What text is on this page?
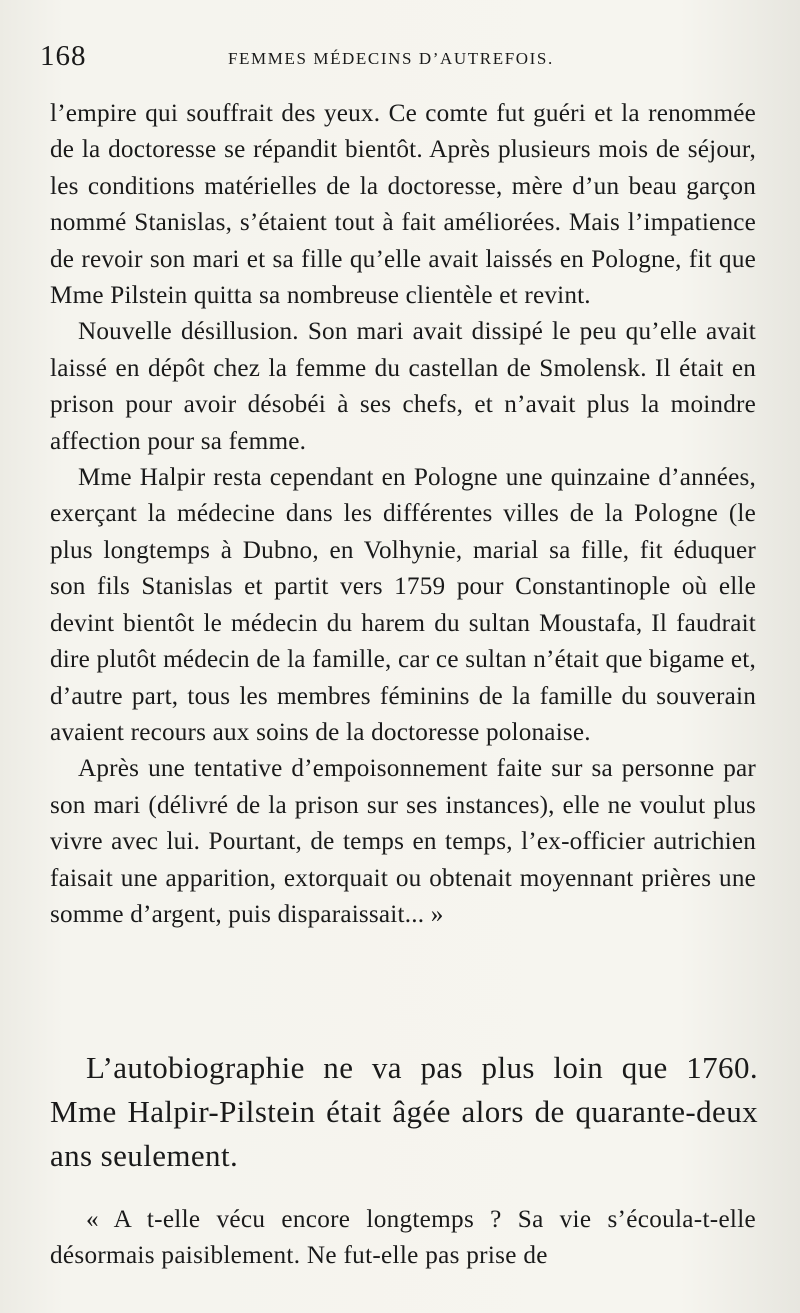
168	FEMMES MÉDECINS D’AUTREFOIS.

l’empire qui souffrait des yeux. Ce comte fut guéri et la renommée de la doctoresse se répandit bientôt. Après plusieurs mois de séjour, les conditions matérielles de la doctoresse, mère d’un beau garçon nommé Stanislas, s’étaient tout à fait améliorées. Mais l’impatience de revoir son mari et sa fille qu’elle avait laissés en Pologne, fit que Mme Pilstein quitta sa nombreuse clientèle et revint.

Nouvelle désillusion. Son mari avait dissipé le peu qu’elle avait laissé en dépôt chez la femme du castellan de Smolensk. Il était en prison pour avoir désobéi à ses chefs, et n’avait plus la moindre affection pour sa femme.

Mme Halpir resta cependant en Pologne une quinzaine d’années, exerçant la médecine dans les différentes villes de la Pologne (le plus longtemps à Dubno, en Volhynie, marial sa fille, fit éduquer son fils Stanislas et partit vers 1759 pour Constantinople où elle devint bientôt le médecin du harem du sultan Moustafa, Il faudrait dire plutôt médecin de la famille, car ce sultan n’était que bigame et, d’autre part, tous les membres féminins de la famille du souverain avaient recours aux soins de la doctoresse polonaise.

Après une tentative d’empoisonnement faite sur sa personne par son mari (délivré de la prison sur ses instances), elle ne voulut plus vivre avec lui. Pourtant, de temps en temps, l’ex-officier autrichien faisait une apparition, extorquait ou obtenait moyennant prières une somme d’argent, puis disparaissait... »

L’autobiographie ne va pas plus loin que 1760. Mme Halpir-Pilstein était âgée alors de quarante-deux ans seulement.

« A t-elle vécu encore longtemps ? Sa vie s’écoula-t-elle désormais paisiblement. Ne fut-elle pas prise de
